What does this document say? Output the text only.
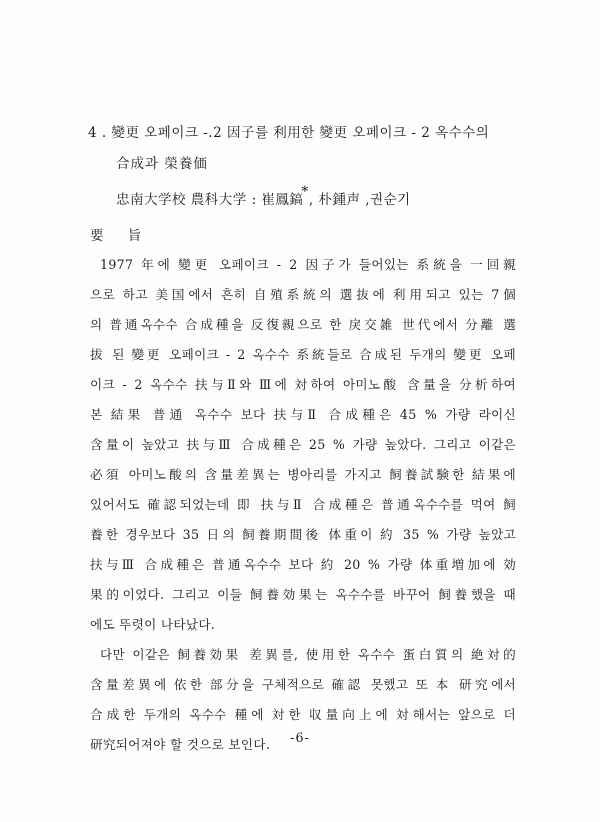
4 . 變更 오페이크 -.2 因子를 利用한 變更 오페이크 - 2 옥수수의
合成과 榮養価
忠南大学校 農科大学 : 崔鳳鎬*, 朴鍾声 ,권순기
要 旨
1977 年에 變更 오페이크 - 2 因子가 들어있는 系統을 一回親
으로 하고 美国에서 흔히 自殖系統의 選抜에 利用되고 있는 7個
의 普通옥수수 合成種을 反復親으로 한 戾交雑 世代에서 分離 選
拔 된 變更 오페이크 - 2 옥수수 系統들로 合成된 두개의 變更 오페
이크 - 2 옥수수 扶与Ⅱ와 Ⅲ에 対하여 아미노酸 含量을 分析하여
본 結果 普通 옥수수 보다 扶与Ⅱ 合成種은 45 % 가량 라이신
含量이 높았고 扶与Ⅲ 合成種은 25 % 가량 높았다. 그리고 이같은
必須 아미노酸의 含量差異는 병아리를 가지고 飼養試験한 結果에
있어서도 確認되었는데 即 扶与Ⅱ 合成種은 普通옥수수를 먹여 飼
養한 경우보다 35 日의 飼養期間後 体重이 約 35 % 가량 높았고
扶与Ⅲ 合成種은 普通옥수수 보다 約 20 % 가량 体重増加에 効
果的이었다. 그리고 이들 飼養効果는 옥수수를 바꾸어 飼養했을 때
에도 뚜렷이 나타났다.
다만 이같은 飼養効果 差異를, 使用한 옥수수 蛋白質의 絶対的
含量差異에 依한 部分을 구체적으로 確認 못했고 또 本 研究에서
合成한 두개의 옥수수 種에 対한 収量向上에 対해서는 앞으로 더
研究되어져야 할 것으로 보인다.	-6-
